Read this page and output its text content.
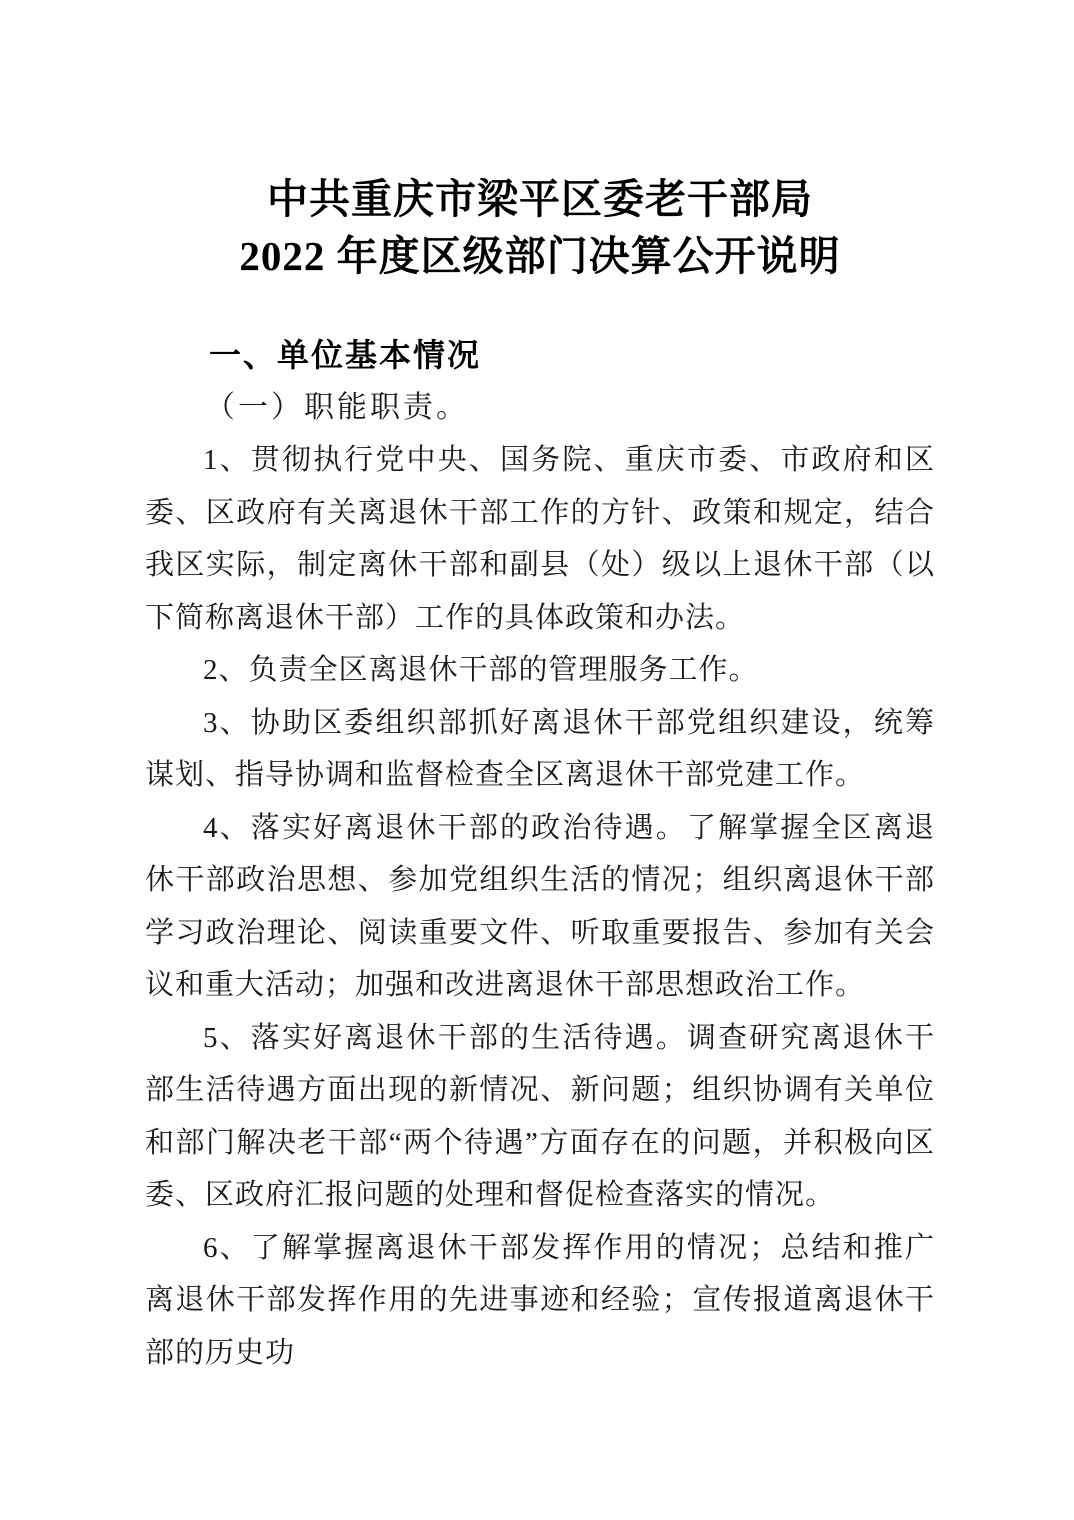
中共重庆市梁平区委老干部局
2022 年度区级部门决算公开说明
一、单位基本情况
（一）职能职责。

1、贯彻执行党中央、国务院、重庆市委、市政府和区委、区政府有关离退休干部工作的方针、政策和规定，结合我区实际，制定离休干部和副县（处）级以上退休干部（以下简称离退休干部）工作的具体政策和办法。

2、负责全区离退休干部的管理服务工作。

3、协助区委组织部抓好离退休干部党组织建设，统筹谋划、指导协调和监督检查全区离退休干部党建工作。

4、落实好离退休干部的政治待遇。了解掌握全区离退休干部政治思想、参加党组织生活的情况；组织离退休干部学习政治理论、阅读重要文件、听取重要报告、参加有关会议和重大活动；加强和改进离退休干部思想政治工作。

5、落实好离退休干部的生活待遇。调查研究离退休干部生活待遇方面出现的新情况、新问题；组织协调有关单位和部门解决老干部“两个待遇”方面存在的问题，并积极向区委、区政府汇报问题的处理和督促检查落实的情况。

6、了解掌握离退休干部发挥作用的情况；总结和推广离退休干部发挥作用的先进事迹和经验；宣传报道离退休干部的历史功
